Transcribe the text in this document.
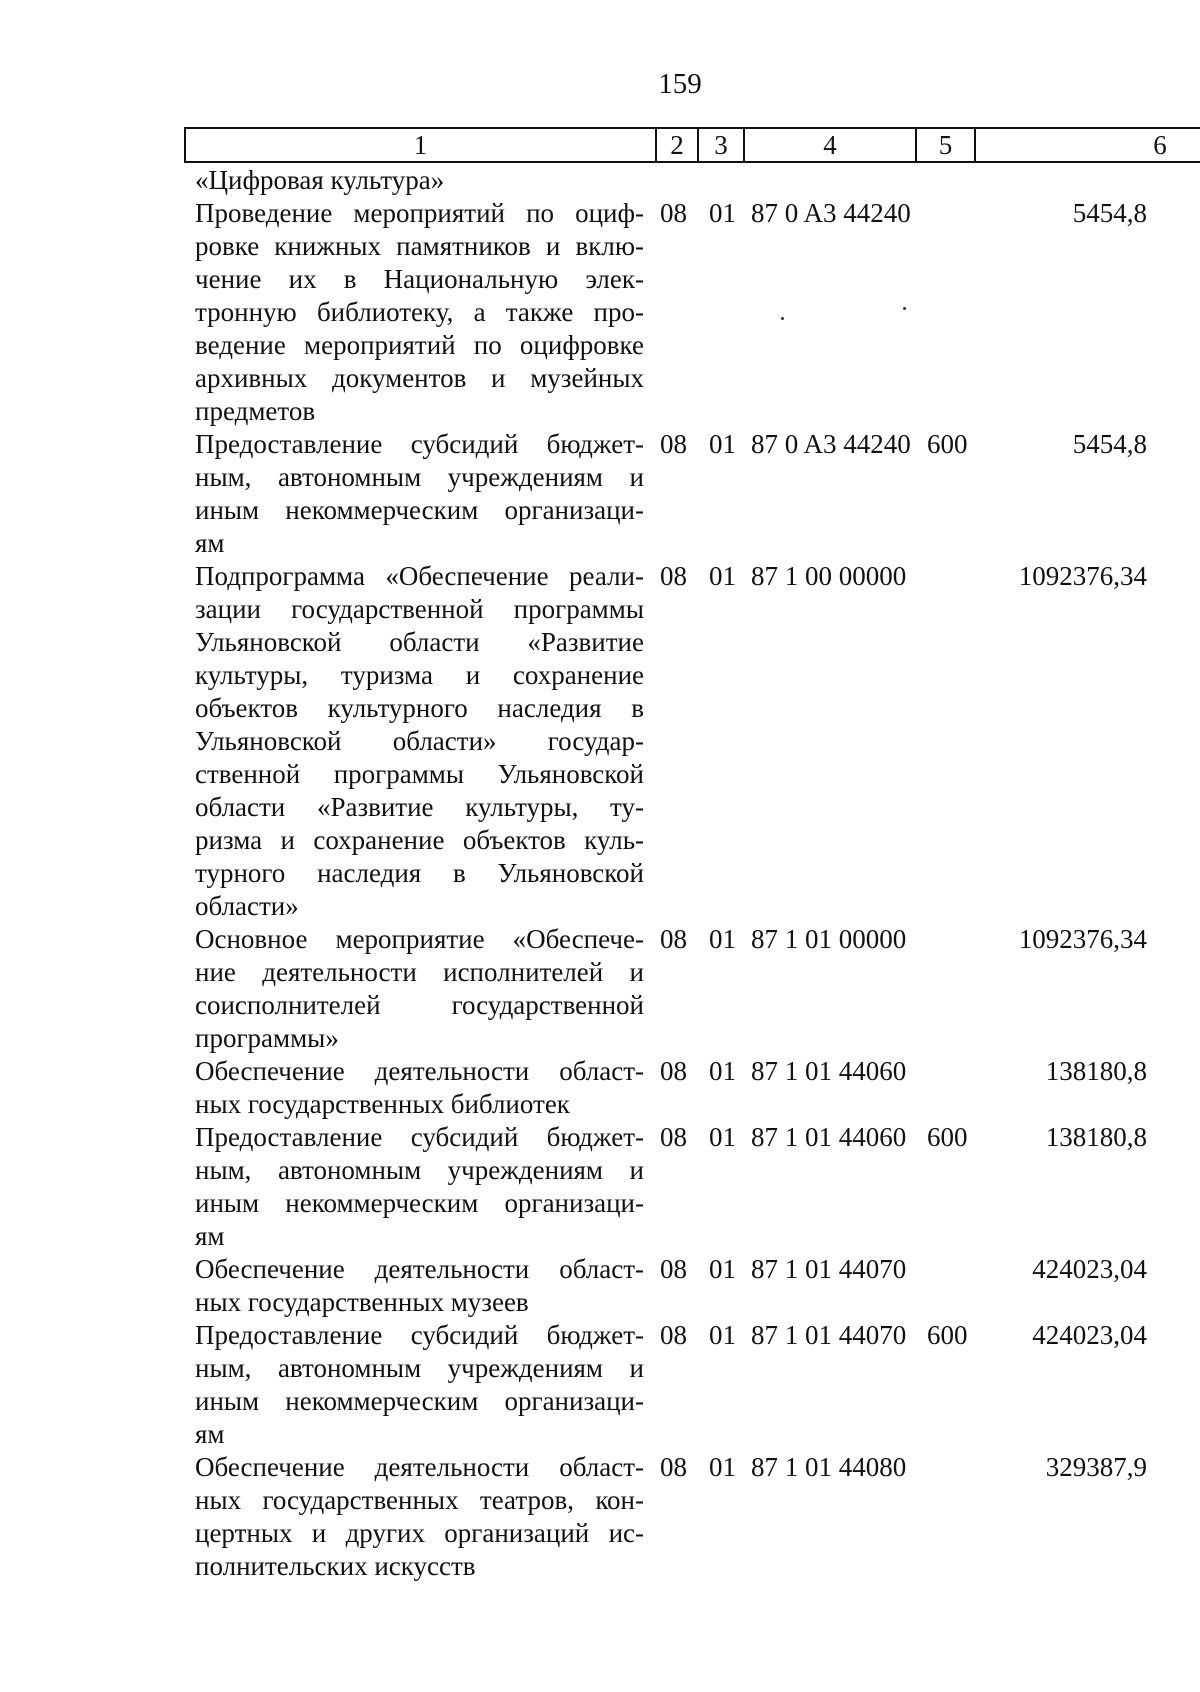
159
1	2	3	4	5	6
«Цифровая культура»
Проведение мероприятий по оциф-
ровке книжных памятников и вклю-
чение их в Национальную элек-
тронную библиотеку, а также про-
ведение мероприятий по оцифровке
архивных документов и музейных
предметов
08 01 87 0 A3 44240	5454,8
Предоставление субсидий бюджет-
ным, автономным учреждениям и
иным некоммерческим организаци-
ям
08 01 87 0 A3 44240 600	5454,8
Подпрограмма «Обеспечение реали-
зации государственной программы
Ульяновской области «Развитие
культуры, туризма и сохранение
объектов культурного наследия в
Ульяновской области» государ-
ственной программы Ульяновской
области «Развитие культуры, ту-
ризма и сохранение объектов куль-
турного наследия в Ульяновской
области»
08 01 87 1 00 00000	1092376,34
Основное мероприятие «Обеспече-
ние деятельности исполнителей и
соисполнителей государственной
программы»
08 01 87 1 01 00000	1092376,34
Обеспечение деятельности област-
ных государственных библиотек
08 01 87 1 01 44060	138180,8
Предоставление субсидий бюджет-
ным, автономным учреждениям и
иным некоммерческим организаци-
ям
08 01 87 1 01 44060 600	138180,8
Обеспечение деятельности област-
ных государственных музеев
08 01 87 1 01 44070	424023,04
Предоставление субсидий бюджет-
ным, автономным учреждениям и
иным некоммерческим организаци-
ям
08 01 87 1 01 44070 600	424023,04
Обеспечение деятельности област-
ных государственных театров, кон-
цертных и других организаций ис-
полнительских искусств
08 01 87 1 01 44080	329387,9
